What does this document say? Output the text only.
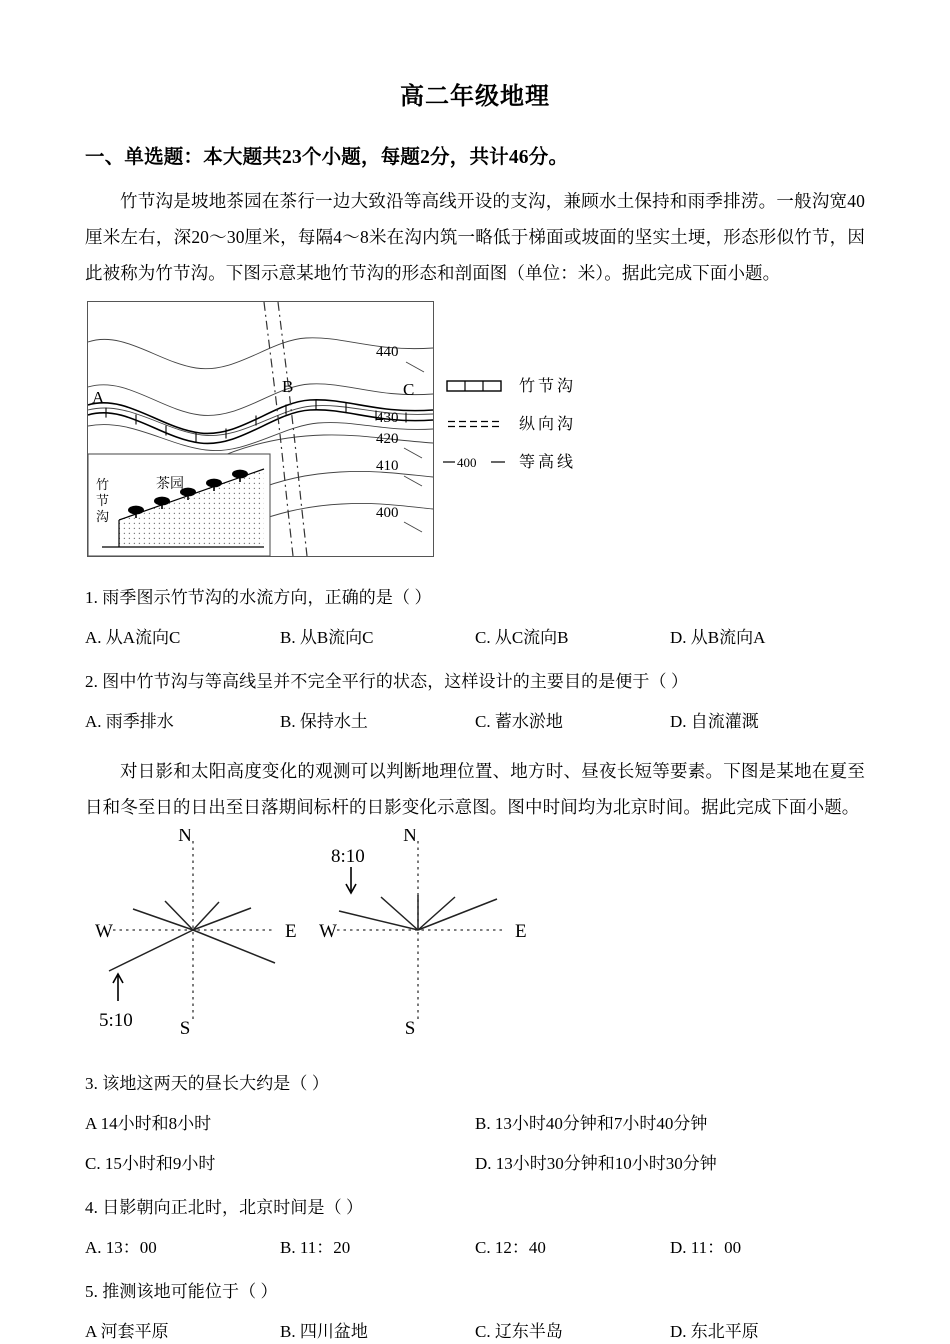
高二年级地理

一、单选题：本大题共23个小题，每题2分，共计46分。

竹节沟是坡地茶园在茶行一边大致沿等高线开设的支沟，兼顾水土保持和雨季排涝。一般沟宽40厘米左右，深20～30厘米，每隔4～8米在沟内筑一略低于梯面或坡面的坚实土埂，形态形似竹节，因此被称为竹节沟。下图示意某地竹节沟的形态和剖面图（单位：米）。据此完成下面小题。

440
430
420
410
400
A
B	C
茶园
竹
节
沟
竹节沟
纵向沟
400	等高线

1. 雨季图示竹节沟的水流方向，正确的是（ ）

A. 从A流向C	B. 从B流向C	C. 从C流向B	D. 从B流向A

2. 图中竹节沟与等高线呈并不完全平行的状态，这样设计的主要目的是便于（ ）

A. 雨季排水	B. 保持水土	C. 蓄水淤地	D. 自流灌溉

对日影和太阳高度变化的观测可以判断地理位置、地方时、昼夜长短等要素。下图是某地在夏至日和冬至日的日出至日落期间标杆的日影变化示意图。图中时间均为北京时间。据此完成下面小题。

N
S
W	E
5:10
N
S
W	E
8:10

3. 该地这两天的昼长大约是（ ）

A 14小时和8小时	B. 13小时40分钟和7小时40分钟
C. 15小时和9小时	D. 13小时30分钟和10小时30分钟

4. 日影朝向正北时，北京时间是（ ）

A. 13：00	B. 11：20	C. 12：40	D. 11：00

5. 推测该地可能位于（ ）

A 河套平原	B. 四川盆地	C. 辽东半岛	D. 东北平原
